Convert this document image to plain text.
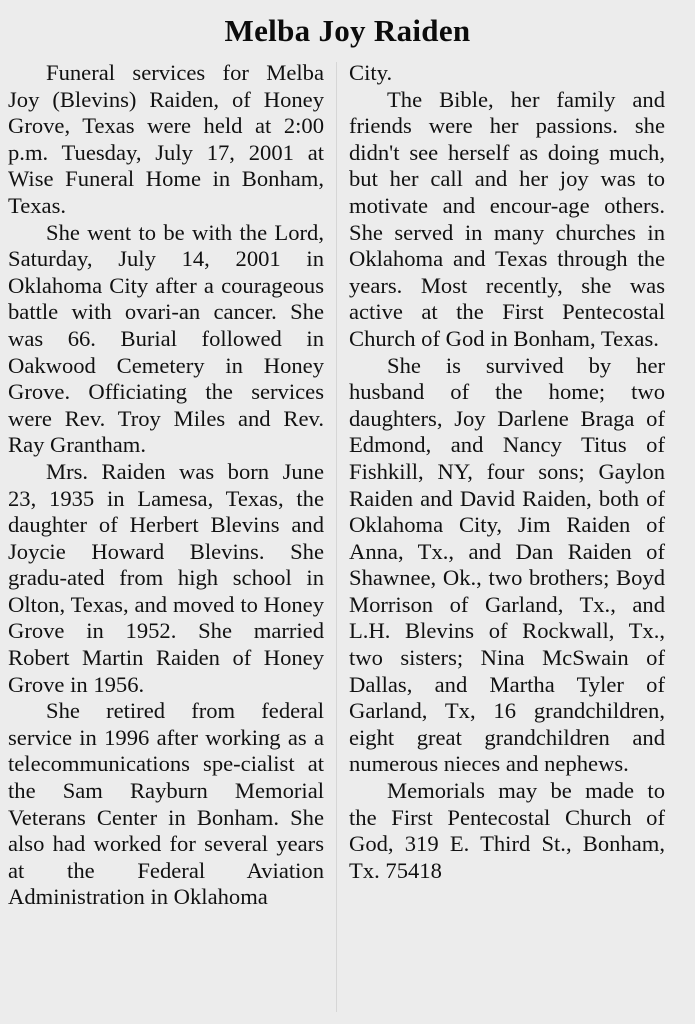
Melba Joy Raiden

Funeral services for Melba Joy (Blevins) Raiden, of Honey Grove, Texas were held at 2:00 p.m. Tuesday, July 17, 2001 at Wise Funeral Home in Bonham, Texas.

She went to be with the Lord, Saturday, July 14, 2001 in Oklahoma City after a courageous battle with ovari-an cancer. She was 66. Burial followed in Oakwood Cemetery in Honey Grove. Officiating the services were Rev. Troy Miles and Rev. Ray Grantham.

Mrs. Raiden was born June 23, 1935 in Lamesa, Texas, the daughter of Herbert Blevins and Joycie Howard Blevins. She gradu-ated from high school in Olton, Texas, and moved to Honey Grove in 1952. She married Robert Martin Raiden of Honey Grove in 1956.

She retired from federal service in 1996 after working as a telecommunications spe-cialist at the Sam Rayburn Memorial Veterans Center in Bonham. She also had worked for several years at the Federal Aviation Administration in Oklahoma

City.

The Bible, her family and friends were her passions. she didn't see herself as doing much, but her call and her joy was to motivate and encour-age others. She served in many churches in Oklahoma and Texas through the years. Most recently, she was active at the First Pentecostal Church of God in Bonham, Texas.

She is survived by her husband of the home; two daughters, Joy Darlene Braga of Edmond, and Nancy Titus of Fishkill, NY, four sons; Gaylon Raiden and David Raiden, both of Oklahoma City, Jim Raiden of Anna, Tx., and Dan Raiden of Shawnee, Ok., two brothers; Boyd Morrison of Garland, Tx., and L.H. Blevins of Rockwall, Tx., two sisters; Nina McSwain of Dallas, and Martha Tyler of Garland, Tx, 16 grandchildren, eight great grandchildren and numerous nieces and nephews.

Memorials may be made to the First Pentecostal Church of God, 319 E. Third St., Bonham, Tx. 75418
